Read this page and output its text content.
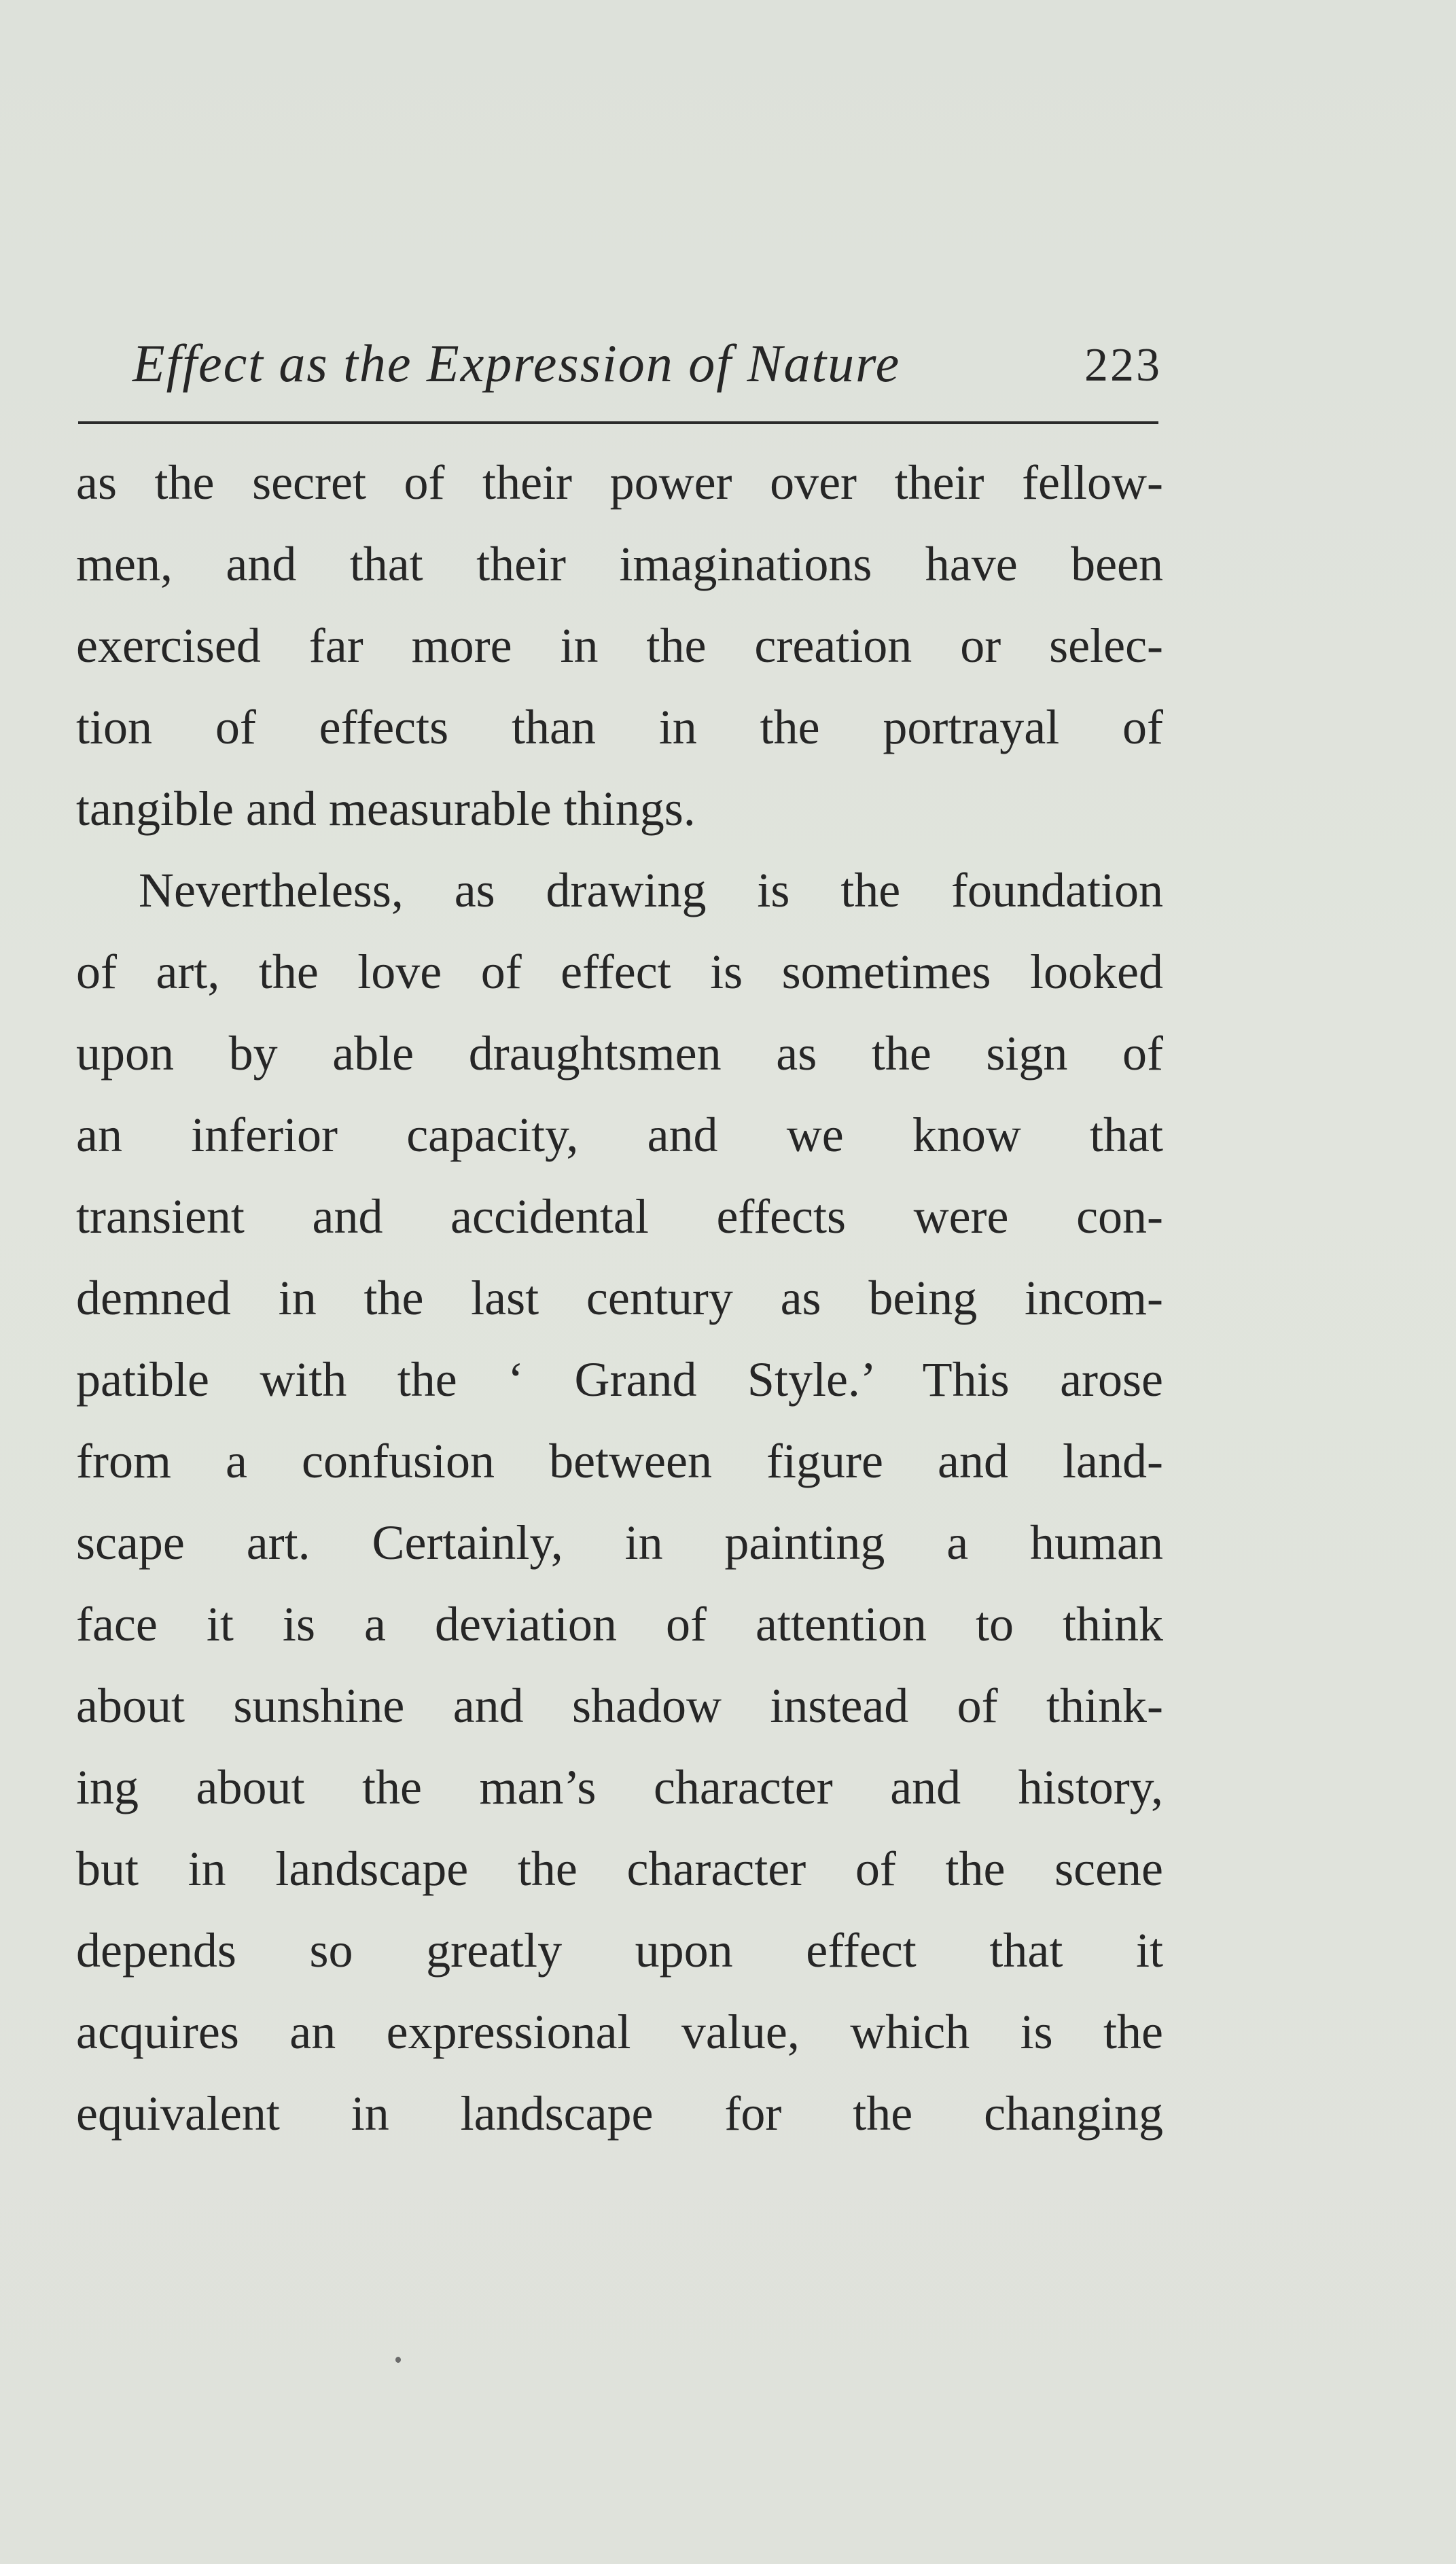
Effect as the Expression of Nature	223
as the secret of their power over their fellow-
men, and that their imaginations have been
exercised far more in the creation or selec-
tion of effects than in the portrayal of
tangible and measurable things.
Nevertheless, as drawing is the foundation
of art, the love of effect is sometimes looked
upon by able draughtsmen as the sign of
an inferior capacity, and we know that
transient and accidental effects were con-
demned in the last century as being incom-
patible with the ‘ Grand Style.’ This arose
from a confusion between figure and land-
scape art. Certainly, in painting a human
face it is a deviation of attention to think
about sunshine and shadow instead of think-
ing about the man’s character and history,
but in landscape the character of the scene
depends so greatly upon effect that it
acquires an expressional value, which is the
equivalent in landscape for the changing
